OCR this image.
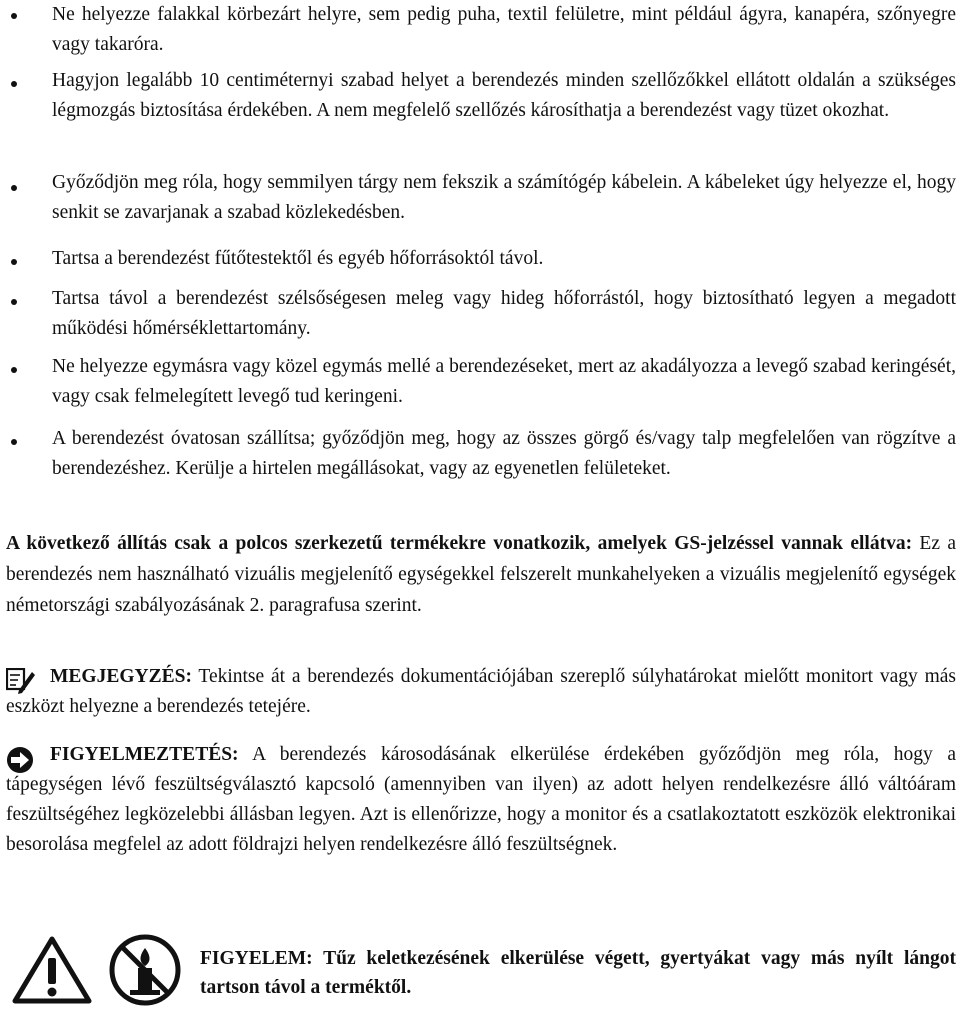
Ne helyezze falakkal körbezárt helyre, sem pedig puha, textil felületre, mint például ágyra, kanapéra, szőnyegre vagy takaróra.
Hagyjon legalább 10 centiméternyi szabad helyet a berendezés minden szellőzőkkel ellátott oldalán a szükséges légmozgás biztosítása érdekében. A nem megfelelő szellőzés károsíthatja a berendezést vagy tüzet okozhat.
Győződjön meg róla, hogy semmilyen tárgy nem fekszik a számítógép kábelein. A kábeleket úgy helyezze el, hogy senkit se zavarjanak a szabad közlekedésben.
Tartsa a berendezést fűtőtestektől és egyéb hőforrásoktól távol.
Tartsa távol a berendezést szélsőségesen meleg vagy hideg hőforrástól, hogy biztosítható legyen a megadott működési hőmérséklettartomány.
Ne helyezze egymásra vagy közel egymás mellé a berendezéseket, mert az akadályozza a levegő szabad keringését, vagy csak felmelegített levegő tud keringeni.
A berendezést óvatosan szállítsa; győződjön meg, hogy az összes görgő és/vagy talp megfelelően van rögzítve a berendezéshez. Kerülje a hirtelen megállásokat, vagy az egyenetlen felületeket.

A következő állítás csak a polcos szerkezetű termékekre vonatkozik, amelyek GS-jelzéssel vannak ellátva: Ez a berendezés nem használható vizuális megjelenítő egységekkel felszerelt munkahelyeken a vizuális megjelenítő egységek németországi szabályozásának 2. paragrafusa szerint.

MEGJEGYZÉS: Tekintse át a berendezés dokumentációjában szereplő súlyhatárokat mielőtt monitort vagy más eszközt helyezne a berendezés tetejére.
FIGYELMEZTETÉS: A berendezés károsodásának elkerülése érdekében győződjön meg róla, hogy a tápegységen lévő feszültségválasztó kapcsoló (amennyiben van ilyen) az adott helyen rendelkezésre álló váltóáram feszültségéhez legközelebbi állásban legyen. Azt is ellenőrizze, hogy a monitor és a csatlakoztatott eszközök elektronikai besorolása megfelel az adott földrajzi helyen rendelkezésre álló feszültségnek.
FIGYELEM: Tűz keletkezésének elkerülése végett, gyertyákat vagy más nyílt lángot tartson távol a terméktől.
